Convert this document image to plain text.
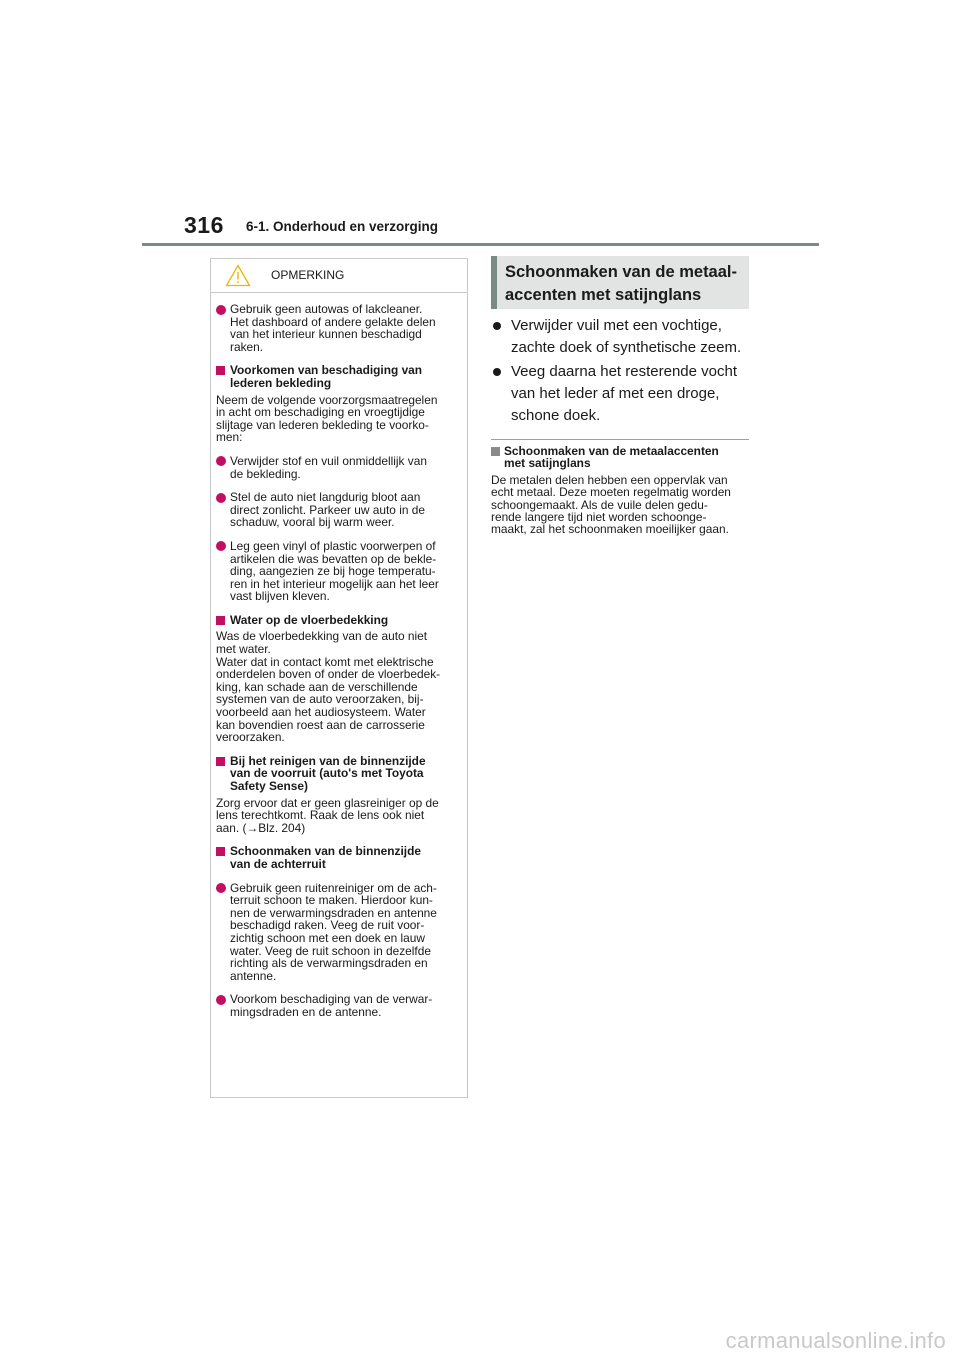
316 6-1. Onderhoud en verzorging
OPMERKING
Gebruik geen autowas of lakcleaner.
Het dashboard of andere gelakte delen
van het interieur kunnen beschadigd
raken.
Voorkomen van beschadiging van
lederen bekleding
Neem de volgende voorzorgsmaatregelen
in acht om beschadiging en vroegtijdige
slijtage van lederen bekleding te voorko-
men:
Verwijder stof en vuil onmiddellijk van
de bekleding.
Stel de auto niet langdurig bloot aan
direct zonlicht. Parkeer uw auto in de
schaduw, vooral bij warm weer.
Leg geen vinyl of plastic voorwerpen of
artikelen die was bevatten op de bekle-
ding, aangezien ze bij hoge temperatu-
ren in het interieur mogelijk aan het leer
vast blijven kleven.
Water op de vloerbedekking
Was de vloerbedekking van de auto niet
met water.
Water dat in contact komt met elektrische
onderdelen boven of onder de vloerbedek-
king, kan schade aan de verschillende
systemen van de auto veroorzaken, bij-
voorbeeld aan het audiosysteem. Water
kan bovendien roest aan de carrosserie
veroorzaken.
Bij het reinigen van de binnenzijde
van de voorruit (auto's met Toyota
Safety Sense)
Zorg ervoor dat er geen glasreiniger op de
lens terechtkomt. Raak de lens ook niet
aan. (→Blz. 204)
Schoonmaken van de binnenzijde
van de achterruit
Gebruik geen ruitenreiniger om de ach-
terruit schoon te maken. Hierdoor kun-
nen de verwarmingsdraden en antenne
beschadigd raken. Veeg de ruit voor-
zichtig schoon met een doek en lauw
water. Veeg de ruit schoon in dezelfde
richting als de verwarmingsdraden en
antenne.
Voorkom beschadiging van de verwar-
mingsdraden en de antenne.
Schoonmaken van de metaal-
accenten met satijnglans
Verwijder vuil met een vochtige,
zachte doek of synthetische zeem.
Veeg daarna het resterende vocht
van het leder af met een droge,
schone doek.
Schoonmaken van de metaalaccenten
met satijnglans
De metalen delen hebben een oppervlak van
echt metaal. Deze moeten regelmatig worden
schoongemaakt. Als de vuile delen gedu-
rende langere tijd niet worden schoonge-
maakt, zal het schoonmaken moeilijker gaan.
carmanualsonline.info
